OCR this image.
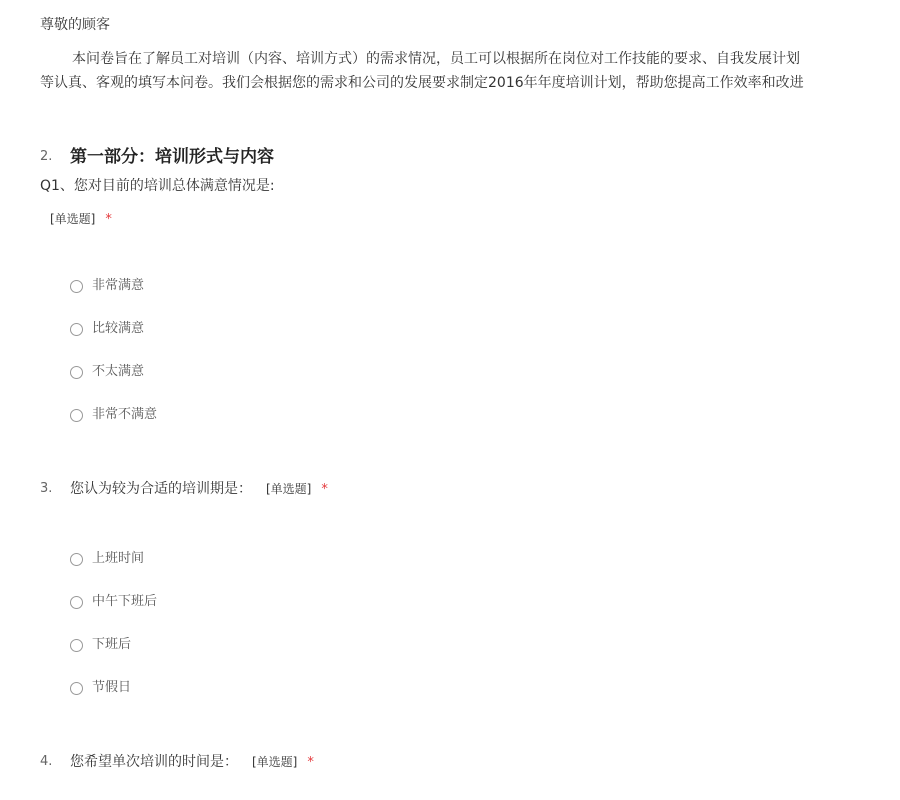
尊敬的顾客
本问卷旨在了解员工对培训（内容、培训方式）的需求情况，员工可以根据所在岗位对工作技能的要求、自我发展计划
等认真、客观的填写本问卷。我们会根据您的需求和公司的发展要求制定2016年年度培训计划，帮助您提高工作效率和改进
2. 第一部分：培训形式与内容
Q1、您对目前的培训总体满意情况是:
[单选题] *
非常满意
比较满意
不太满意
非常不满意
3. 您认为较为合适的培训期是： [单选题] *
上班时间
中午下班后
下班后
节假日
4. 您希望单次培训的时间是： [单选题] *
